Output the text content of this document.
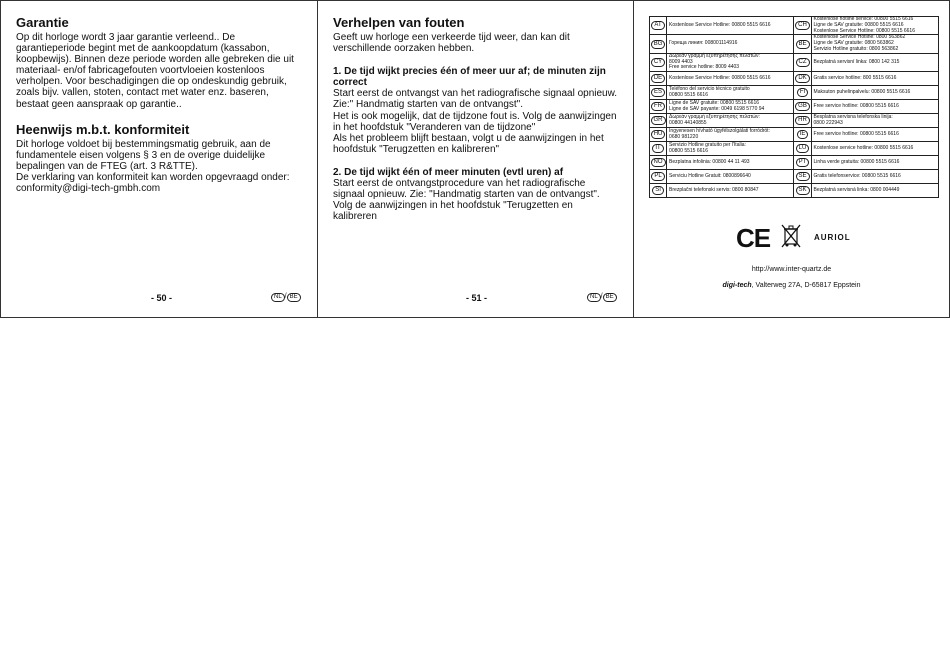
Garantie

Op dit horloge wordt 3 jaar garantie verleend.. De garantieperiode begint met de aankoopdatum (kassabon, koopbewijs). Binnen deze periode worden alle gebreken die uit materiaal- en/of fabricagefouten voortvloeien kostenloos verholpen. Voor beschadigingen die op ondeskundig gebruik, zoals bijv. vallen, stoten, contact met water enz. baseren, bestaat geen aanspraak op garantie..

Heenwijs m.b.t. konformiteit

Dit horloge voldoet bij bestemmingsmatig gebruik, aan de fundamentele eisen volgens § 3 en de overige duidelijke bepalingen van de FTEG (art. 3 R&TTE).

De verklaring van konformiteit kan worden opgevraagd onder:

conformity@digi-tech-gmbh.com

- 50 -	NL / BE
Verhelpen van fouten

Geeft uw horloge een verkeerde tijd weer, dan kan dit verschillende oorzaken hebben.

1. De tijd wijkt precies één of meer uur af; de minuten zijn correct

Start eerst de ontvangst van het radiografische signaal opnieuw.

Zie:" Handmatig starten van de ontvangst".

Het is ook mogelijk, dat de tijdzone fout is. Volg de aanwijzingen in het hoofdstuk "Veranderen van de tijdzone"

Als het probleem blijft bestaan, volgt u de aanwijzingen in het hoofdstuk "Terugzetten en kalibreren"

2. De tijd wijkt één of meer minuten (evtl uren) af

Start eerst de ontvangstprocedure van het radiografische signaal opnieuw. Zie: "Handmatig starten van de ontvangst". Volg de aanwijzingen in het hoofdstuk "Terugzetten en kalibreren

- 51 -	NL / BE
AT	Kostenlose Service Hotline: 00800 5515 6616	CH	Kostenlose hotline service: 00800 5515 6616
Ligne de SAV gratuite: 00800 5515 6616
Kostenlose Service Hotline: 00800 5515 6616
BG	Гореща линия: 008001114916	BE	Kostenlose Service Hotline: 0800 563862
Ligne de SAV gratuite: 0800 563862
Servizio Hotline gratuito: 0800 563862
CY	Δωρεάν γραμμή εξυπηρέτησης πελατών:
8009 4403
Free service hotline: 8009 4403	CZ	Bezplatná servisní linka: 0800 142 315
DE	Kostenlose Service Hotline: 00800 5515 6616	DK	Gratis service hotline: 800 5515 6616
ES	Teléfono del servicio técnico gratuito
00800 5515 6616	FI	Maksuton puhelinpalvelu: 00800 5515 6616
FR	Ligne de SAV gratuite: 00800 5515 6616
Ligne de SAV payante: 0049 6198 5770 94	GB	Free service hotline: 00800 5515 6616
GR	Δωρεάν γραμμή εξυπηρέτησης πελατών:
00800 44140855	HR	Besplatna servisna telefonska linija:
0800 222943
HU	Ingyenesen hívható ügyfélszolgálati forródrót:
0680 981220	IE	Free service hotline: 00800 5515 6616
IT	Servizio Hotline gratuito per l'Italia:
00800 5515 6616	LU	Kostenlose service hotline: 00800 5515 6616
NO	Bezplatna infolinia: 00800 44 11 493	PT	Linha verde gratuita: 00800 5515 6616
PL	Serviciu Hotline Gratuit: 0800896640	SE	Gratis telefonservice: 00800 5515 6616
SI	Brezplačni telefonski servis: 0800 80847	SK	Bezplatná servisná linka: 0800 004449
CE	AURIOL
http://www.inter-quartz.de
digi-tech, Valterweg 27A, D-65817 Eppstein
